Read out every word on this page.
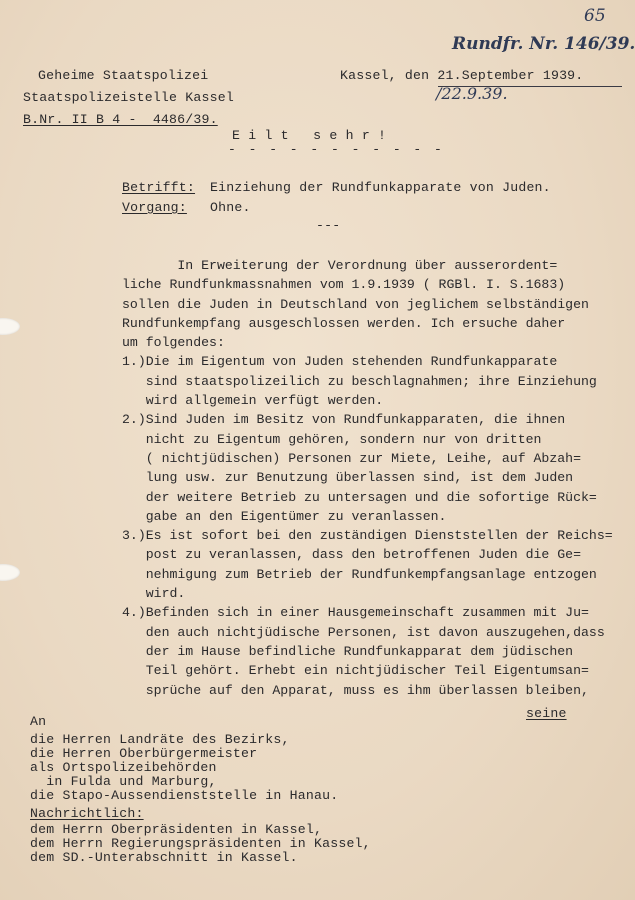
65
Rundfr. Nr. 146/39.
/22.9.39.
Geheime Staatspolizei
Staatspolizeistelle Kassel
B.Nr. II B 4 -  4486/39.
Kassel, den 21.September 1939.
E i l t   s e h r !
- - - - - - - - - - -
Betrifft: Einziehung der Rundfunkapparate von Juden.
Vorgang: Ohne.
---
In Erweiterung der Verordnung über ausserordent=
liche Rundfunkmassnahmen vom 1.9.1939 ( RGBl. I. S.1683)
sollen die Juden in Deutschland von jeglichem selbständigen
Rundfunkempfang ausgeschlossen werden. Ich ersuche daher
um folgendes:
1.)Die im Eigentum von Juden stehenden Rundfunkapparate
sind staatspolizeilich zu beschlagnahmen; ihre Einziehung
wird allgemein verfügt werden.
2.)Sind Juden im Besitz von Rundfunkapparaten, die ihnen
nicht zu Eigentum gehören, sondern nur von dritten
( nichtjüdischen) Personen zur Miete, Leihe, auf Abzah=
lung usw. zur Benutzung überlassen sind, ist dem Juden
der weitere Betrieb zu untersagen und die sofortige Rück=
gabe an den Eigentümer zu veranlassen.
3.)Es ist sofort bei den zuständigen Dienststellen der Reichs=
post zu veranlassen, dass den betroffenen Juden die Ge=
nehmigung zum Betrieb der Rundfunkempfangsanlage entzogen
wird.
4.)Befinden sich in einer Hausgemeinschaft zusammen mit Ju=
den auch nichtjüdische Personen, ist davon auszugehen,dass
der im Hause befindliche Rundfunkapparat dem jüdischen
Teil gehört. Erhebt ein nichtjüdischer Teil Eigentumsan=
sprüche auf den Apparat, muss es ihm überlassen bleiben,
seine
An
die Herren Landräte des Bezirks,
die Herren Oberbürgermeister
als Ortspolizeibehörden
in Fulda und Marburg,
die Stapo-Aussendienststelle in Hanau.
Nachrichtlich:
dem Herrn Oberpräsidenten in Kassel,
dem Herrn Regierungspräsidenten in Kassel,
dem SD.-Unterabschnitt in Kassel.
